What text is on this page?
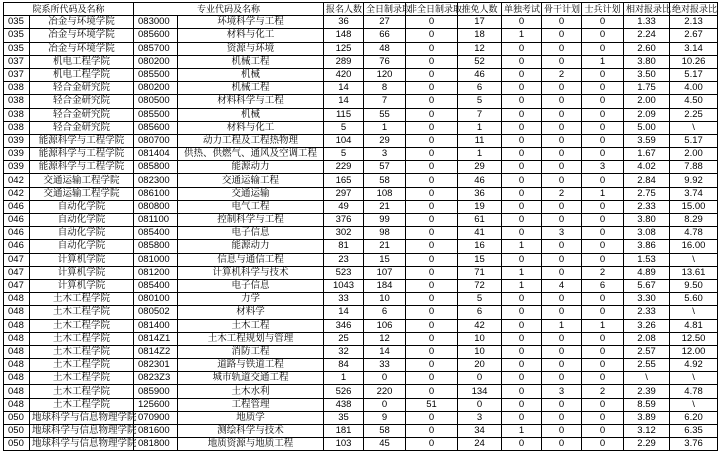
院系所代码及名称		专业代码及名称		报名人数	全日制录取	非全日制录取	推免人数	单独考试	骨干计划	士兵计划	相对报录比	绝对报录比
035	冶金与环境学院	083000	环境科学与工程	36	27	0	17	0	0	0	1.33	2.13
035	冶金与环境学院	085600	材料与化工	148	66	0	18	1	0	0	2.24	2.67
035	冶金与环境学院	085700	资源与环境	125	48	0	12	0	0	0	2.60	3.14
037	机电工程学院	080200	机械工程	289	76	0	52	0	0	1	3.80	10.26
037	机电工程学院	085500	机械	420	120	0	46	0	2	0	3.50	5.17
038	轻合金研究院	080200	机械工程	14	8	0	6	0	0	0	1.75	4.00
038	轻合金研究院	080500	材料科学与工程	14	7	0	5	0	0	0	2.00	4.50
038	轻合金研究院	085500	机械	115	55	0	7	0	0	0	2.09	2.25
038	轻合金研究院	085600	材料与化工	5	1	0	1	0	0	0	5.00	\
039	能源科学与工程学院	080700	动力工程及工程热物理	104	29	0	11	0	0	0	3.59	5.17
039	能源科学与工程学院	081404	供热、供燃气、通风及空调工程	5	3	0	1	0	0	0	1.67	2.00
039	能源科学与工程学院	085800	能源动力	229	57	0	29	0	0	3	4.02	7.88
042	交通运输工程学院	082300	交通运输工程	165	58	0	46	0	0	0	2.84	9.92
042	交通运输工程学院	086100	交通运输	297	108	0	36	0	2	1	2.75	3.74
046	自动化学院	080800	电气工程	49	21	0	19	0	0	0	2.33	15.00
046	自动化学院	081100	控制科学与工程	376	99	0	61	0	0	0	3.80	8.29
046	自动化学院	085400	电子信息	302	98	0	41	0	3	0	3.08	4.78
046	自动化学院	085800	能源动力	81	21	0	16	1	0	0	3.86	16.00
047	计算机学院	081000	信息与通信工程	23	15	0	15	0	0	0	1.53	\
047	计算机学院	081200	计算机科学与技术	523	107	0	71	1	0	2	4.89	13.61
047	计算机学院	085400	电子信息	1043	184	0	72	1	4	6	5.67	9.50
048	土木工程学院	080100	力学	33	10	0	5	0	0	0	3.30	5.60
048	土木工程学院	080502	材料学	14	6	0	6	0	0	0	2.33	\
048	土木工程学院	081400	土木工程	346	106	0	42	0	1	1	3.26	4.81
048	土木工程学院	0814Z1	土木工程规划与管理	25	12	0	10	0	0	0	2.08	12.50
048	土木工程学院	0814Z2	消防工程	32	14	0	10	0	0	0	2.57	12.00
048	土木工程学院	082301	道路与铁道工程	84	33	0	20	0	0	0	2.55	4.92
048	土木工程学院	0823Z3	城市轨道交通工程	1	0	0	0	0	0	0	\	\
048	土木工程学院	085900	土木水利	526	220	0	134	0	3	2	2.39	4.78
048	土木工程学院	125600	工程管理	438	0	51	0	0	0	0	8.59	\
050	地球科学与信息物理学院	070900	地质学	35	9	0	3	0	0	0	3.89	6.20
050	地球科学与信息物理学院	081600	测绘科学与技术	181	58	0	34	1	0	0	3.12	6.35
050	地球科学与信息物理学院	081800	地质资源与地质工程	103	45	0	24	0	0	0	2.29	3.76
